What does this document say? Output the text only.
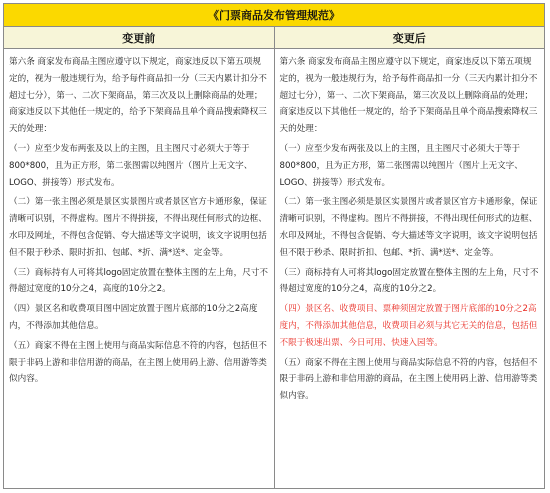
《门票商品发布管理规范》
变更前	变更后

第六条 商家发布商品主图应遵守以下规定，商家违反以下第五项规定的，视为一般违规行为，给予每件商品扣一分（三天内累计扣分不超过七分），第一、二次下架商品，第三次及以上删除商品的处理；商家违反以下其他任一规定的，给予下架商品且单个商品搜索降权三天的处理：

（一）应至少发布两张及以上的主图，且主图尺寸必须大于等于800*800，且为正方形，第二张图需以纯图片（图片上无文字、LOGO、拼接等）形式发布。

（二）第一张主图必须是景区实景图片或者景区官方卡通形象，保证清晰可识别，不得虚构。图片不得拼接，不得出现任何形式的边框、水印及网址，不得包含促销、夸大描述等文字说明，该文字说明包括但不限于秒杀、限时折扣、包邮、*折、满*送*、定金等。

（三）商标持有人可将其logo固定放置在整体主图的左上角，尺寸不得超过宽度的10分之4，高度的10分之2。

（四）景区名和收费项目图中固定放置于图片底部的10分之2高度内，不得添加其他信息。

（五）商家不得在主图上使用与商品实际信息不符的内容，包括但不限于非码上游和非信用游的商品，在主图上使用码上游、信用游等类似内容。

第六条 商家发布商品主图应遵守以下规定，商家违反以下第五项规定的，视为一般违规行为，给予每件商品扣一分（三天内累计扣分不超过七分），第一、二次下架商品，第三次及以上删除商品的处理；商家违反以下其他任一规定的，给予下架商品且单个商品搜索降权三天的处理：

（一）应至少发布两张及以上的主图，且主图尺寸必须大于等于800*800，且为正方形，第二张图需以纯图片（图片上无文字、LOGO、拼接等）形式发布。

（二）第一张主图必须是景区实景图片或者景区官方卡通形象，保证清晰可识别，不得虚构。图片不得拼接，不得出现任何形式的边框、水印及网址，不得包含促销、夸大描述等文字说明，该文字说明包括但不限于秒杀、限时折扣、包邮、*折、满*送*、定金等。

（三）商标持有人可将其logo固定放置在整体主图的左上角，尺寸不得超过宽度的10分之4，高度的10分之2。

（四）景区名、收费项目、票种须固定放置于图片底部的10分之2高度内，不得添加其他信息，收费项目必须与其它无关的信息，包括但不限于极速出票、今日可用、快速入园等。

（五）商家不得在主图上使用与商品实际信息不符的内容，包括但不限于非码上游和非信用游的商品，在主图上使用码上游、信用游等类似内容。
